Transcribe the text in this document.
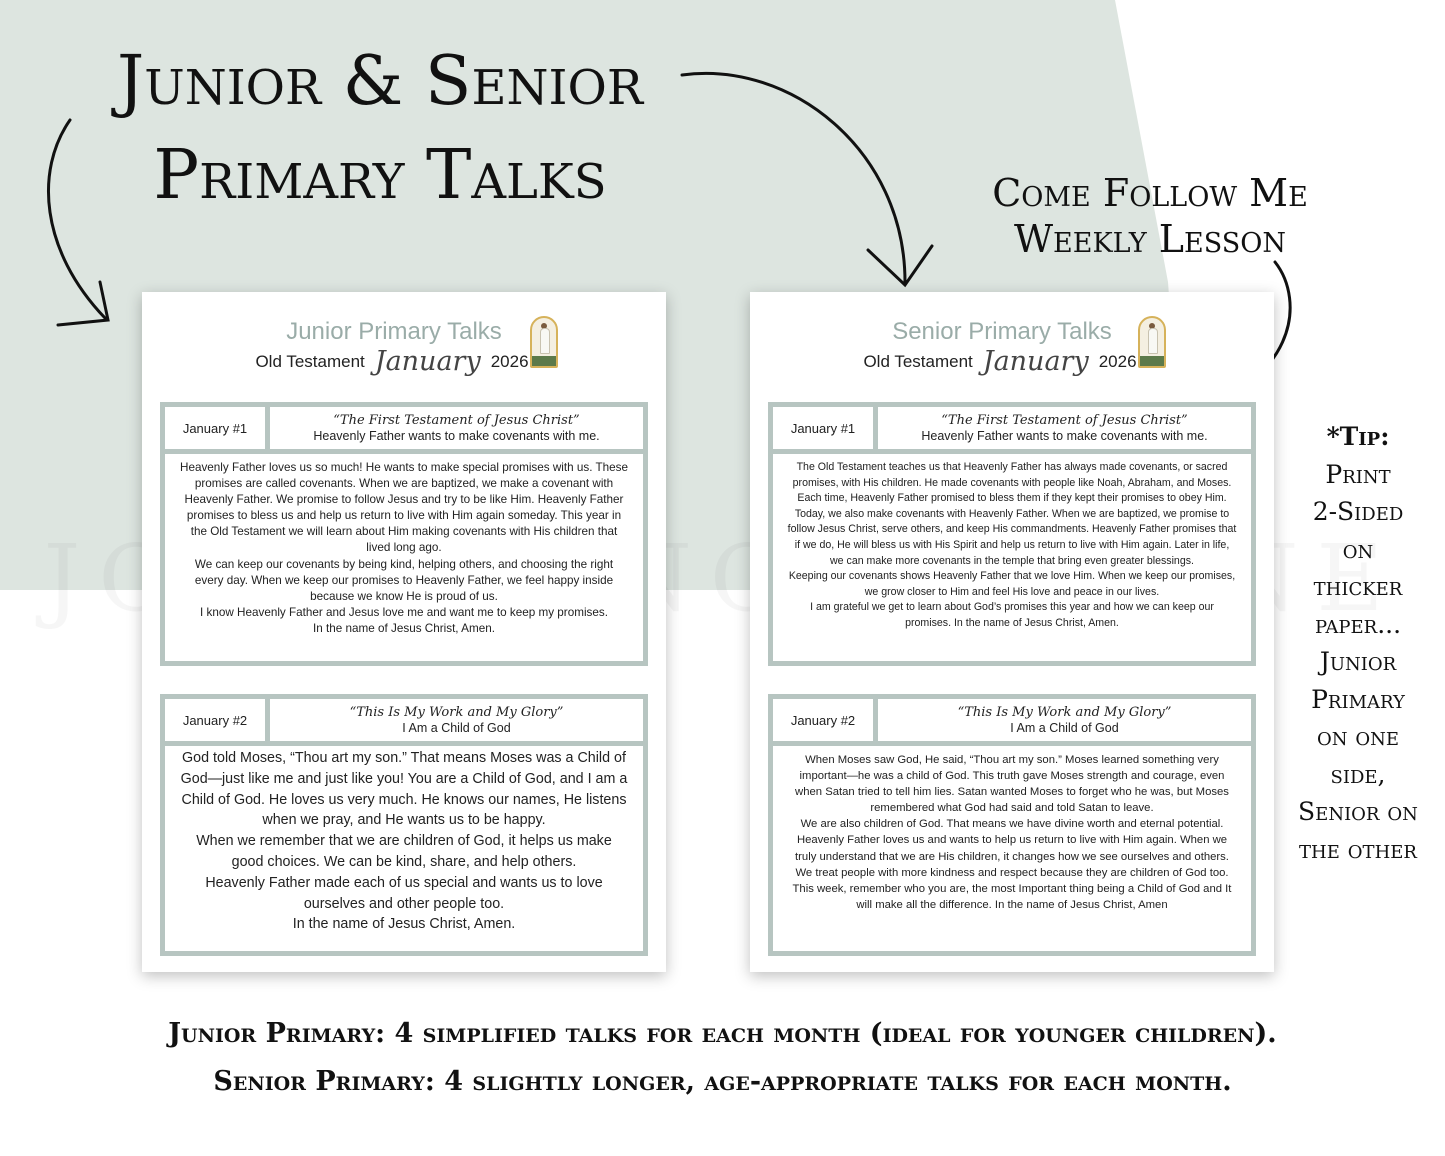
Junior & Senior
Primary Talks	Come Follow Me
Weekly Lesson
*Tip:
Print
2-Sided
on
thicker
paper...
Junior
Primary
on one
side,
Senior on
the other
Junior Primary Talks
Old Testament January 2026
January #1
“The First Testament of Jesus Christ”
Heavenly Father wants to make covenants with me.

Heavenly Father loves us so much! He wants to make special promises with us. These promises are called covenants. When we are baptized, we make a covenant with Heavenly Father. We promise to follow Jesus and try to be like Him. Heavenly Father promises to bless us and help us return to live with Him again someday. This year in the Old Testament we will learn about Him making covenants with His children that lived long ago.

We can keep our covenants by being kind, helping others, and choosing the right every day. When we keep our promises to Heavenly Father, we feel happy inside because we know He is proud of us.

I know Heavenly Father and Jesus love me and want me to keep my promises.

In the name of Jesus Christ, Amen.

January #2
“This Is My Work and My Glory”
I Am a Child of God

God told Moses, “Thou art my son.” That means Moses was a Child of God—just like me and just like you! You are a Child of God, and I am a Child of God. He loves us very much. He knows our names, He listens when we pray, and He wants us to be happy.

When we remember that we are children of God, it helps us make good choices. We can be kind, share, and help others.

Heavenly Father made each of us special and wants us to love ourselves and other people too.

In the name of Jesus Christ, Amen.

Senior Primary Talks
Old Testament January 2026
January #1
“The First Testament of Jesus Christ”
Heavenly Father wants to make covenants with me.

The Old Testament teaches us that Heavenly Father has always made covenants, or sacred promises, with His children. He made covenants with people like Noah, Abraham, and Moses. Each time, Heavenly Father promised to bless them if they kept their promises to obey Him.

Today, we also make covenants with Heavenly Father. When we are baptized, we promise to follow Jesus Christ, serve others, and keep His commandments. Heavenly Father promises that if we do, He will bless us with His Spirit and help us return to live with Him again. Later in life, we can make more covenants in the temple that bring even greater blessings.

Keeping our covenants shows Heavenly Father that we love Him. When we keep our promises, we grow closer to Him and feel His love and peace in our lives.

I am grateful we get to learn about God’s promises this year and how we can keep our promises. In the name of Jesus Christ, Amen.

January #2
“This Is My Work and My Glory”
I Am a Child of God

When Moses saw God, He said, “Thou art my son.” Moses learned something very important—he was a child of God. This truth gave Moses strength and courage, even when Satan tried to tell him lies. Satan wanted Moses to forget who he was, but Moses remembered what God had said and told Satan to leave.

We are also children of God. That means we have divine worth and eternal potential. Heavenly Father loves us and wants to help us return to live with Him again. When we truly understand that we are His children, it changes how we see ourselves and others. We treat people with more kindness and respect because they are children of God too. This week, remember who you are, the most Important thing being a Child of God and It will make all the difference. In the name of Jesus Christ, Amen

Junior Primary: 4 simplified talks for each month (ideal for younger children).
Senior Primary: 4 slightly longer, age-appropriate talks for each month.
